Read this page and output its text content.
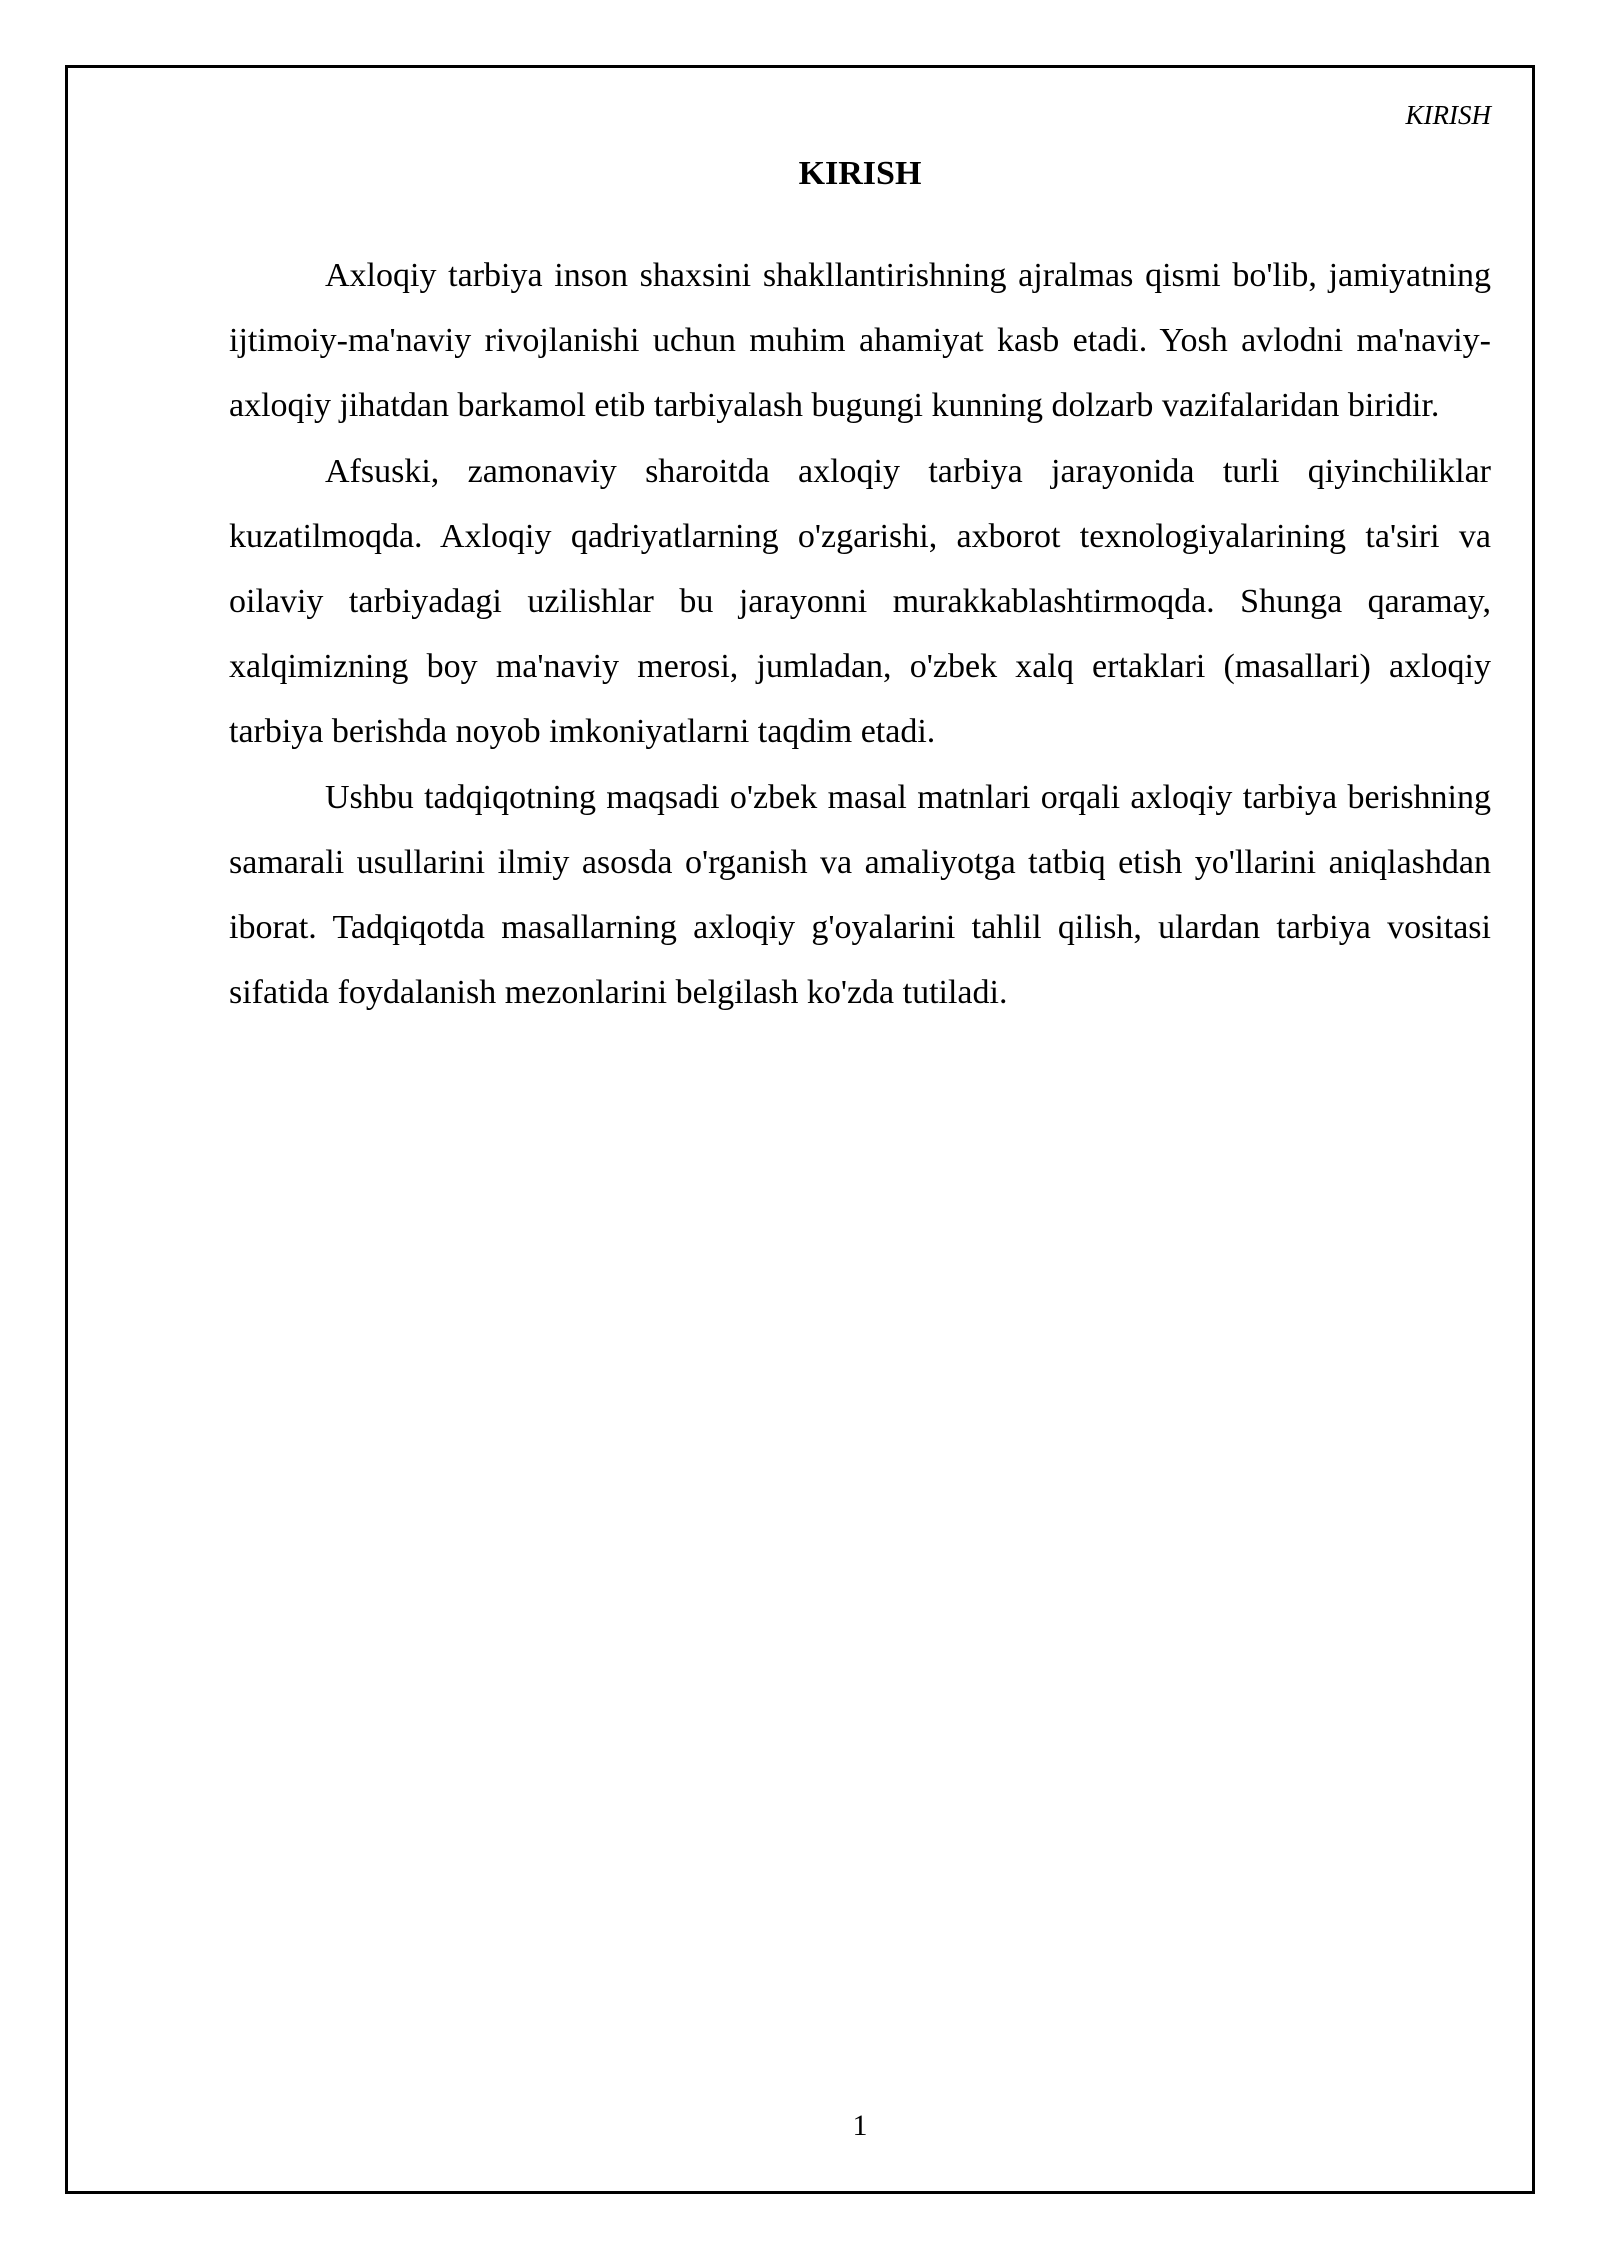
KIRISH
KIRISH

Axloqiy tarbiya inson shaxsini shakllantirishning ajralmas qismi bo'lib, jamiyatning ijtimoiy-ma'naviy rivojlanishi uchun muhim ahamiyat kasb etadi. Yosh avlodni ma'naviy-axloqiy jihatdan barkamol etib tarbiyalash bugungi kunning dolzarb vazifalaridan biridir.

Afsuski, zamonaviy sharoitda axloqiy tarbiya jarayonida turli qiyinchiliklar kuzatilmoqda. Axloqiy qadriyatlarning o'zgarishi, axborot texnologiyalarining ta'siri va oilaviy tarbiyadagi uzilishlar bu jarayonni murakkablashtirmoqda. Shunga qaramay, xalqimizning boy ma'naviy merosi, jumladan, o'zbek xalq ertaklari (masallari) axloqiy tarbiya berishda noyob imkoniyatlarni taqdim etadi.

Ushbu tadqiqotning maqsadi o'zbek masal matnlari orqali axloqiy tarbiya berishning samarali usullarini ilmiy asosda o'rganish va amaliyotga tatbiq etish yo'llarini aniqlashdan iborat. Tadqiqotda masallarning axloqiy g'oyalarini tahlil qilish, ulardan tarbiya vositasi sifatida foydalanish mezonlarini belgilash ko'zda tutiladi.

1
